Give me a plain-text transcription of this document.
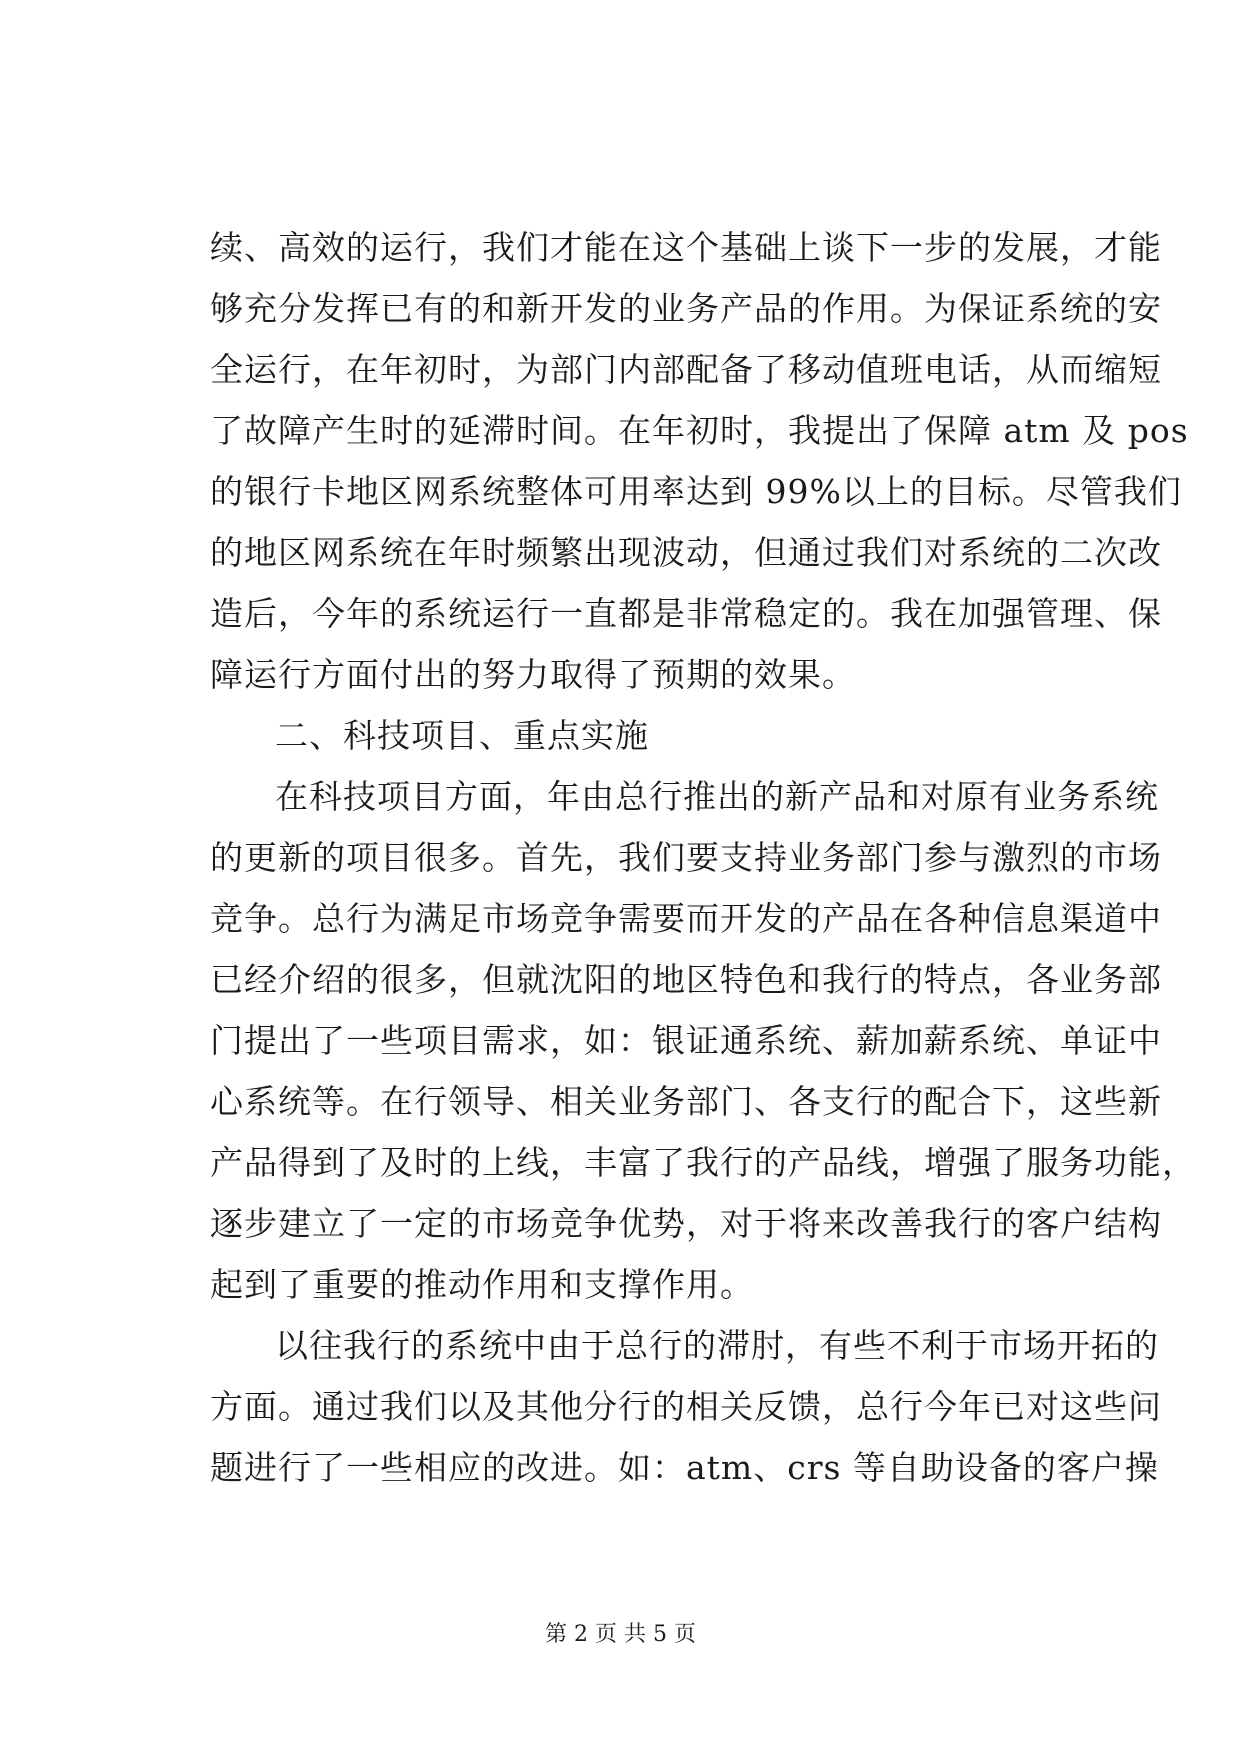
续、高效的运行，我们才能在这个基础上谈下一步的发展，才能
够充分发挥已有的和新开发的业务产品的作用。为保证系统的安
全运行，在年初时，为部门内部配备了移动值班电话，从而缩短
了故障产生时的延滞时间。在年初时，我提出了保障 atm 及 pos
的银行卡地区网系统整体可用率达到 99%以上的目标。尽管我们
的地区网系统在年时频繁出现波动，但通过我们对系统的二次改
造后，今年的系统运行一直都是非常稳定的。我在加强管理、保
障运行方面付出的努力取得了预期的效果。
二、科技项目、重点实施
在科技项目方面，年由总行推出的新产品和对原有业务系统
的更新的项目很多。首先，我们要支持业务部门参与激烈的市场
竞争。总行为满足市场竞争需要而开发的产品在各种信息渠道中
已经介绍的很多，但就沈阳的地区特色和我行的特点，各业务部
门提出了一些项目需求，如：银证通系统、薪加薪系统、单证中
心系统等。在行领导、相关业务部门、各支行的配合下，这些新
产品得到了及时的上线，丰富了我行的产品线，增强了服务功能，
逐步建立了一定的市场竞争优势，对于将来改善我行的客户结构
起到了重要的推动作用和支撑作用。
以往我行的系统中由于总行的滞肘，有些不利于市场开拓的
方面。通过我们以及其他分行的相关反馈，总行今年已对这些问
题进行了一些相应的改进。如：atm、crs 等自助设备的客户操
第 2 页 共 5 页
